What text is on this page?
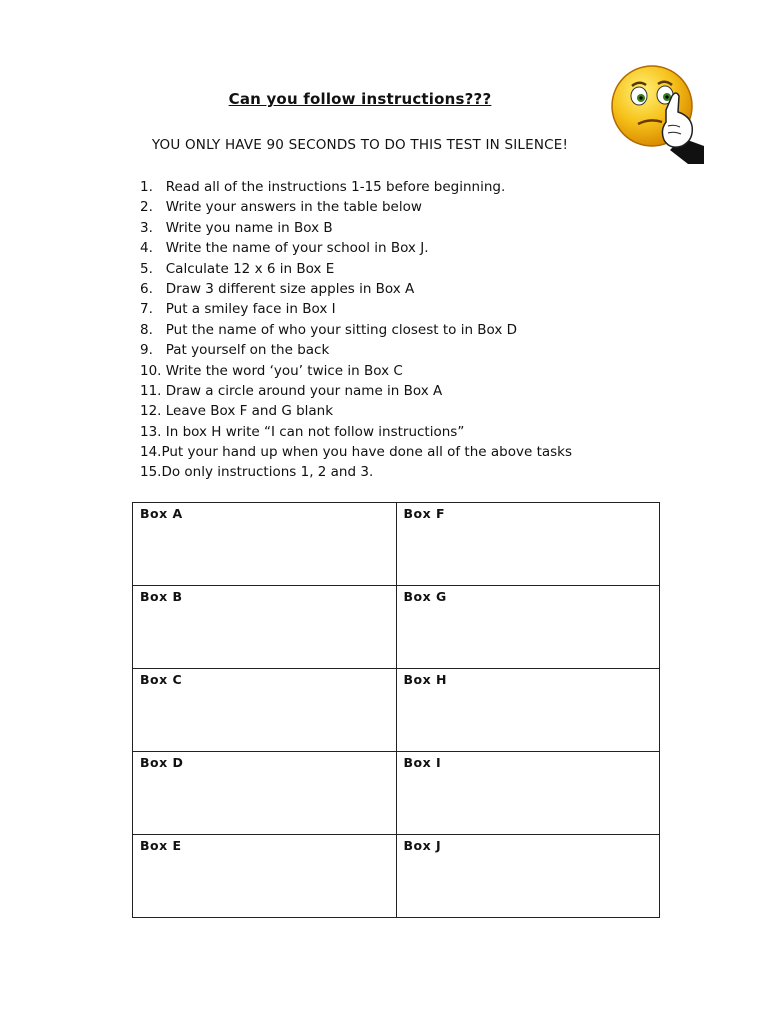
Can you follow instructions???
YOU ONLY HAVE 90 SECONDS TO DO THIS TEST IN SILENCE!
1.   Read all of the instructions 1-15 before beginning.
2.   Write your answers in the table below
3.   Write you name in Box B
4.   Write the name of your school in Box J.
5.   Calculate 12 x 6 in Box E
6.   Draw 3 different size apples in Box A
7.   Put a smiley face in Box I
8.   Put the name of who your sitting closest to in Box D
9.   Pat yourself on the back
10. Write the word ‘you’ twice in Box C
11. Draw a circle around your name in Box A
12. Leave Box F and G blank
13. In box H write “I can not follow instructions”
14.Put your hand up when you have done all of the above tasks
15.Do only instructions 1, 2 and 3.
Box A	Box F
Box B	Box G
Box C	Box H
Box D	Box I
Box E	Box J
